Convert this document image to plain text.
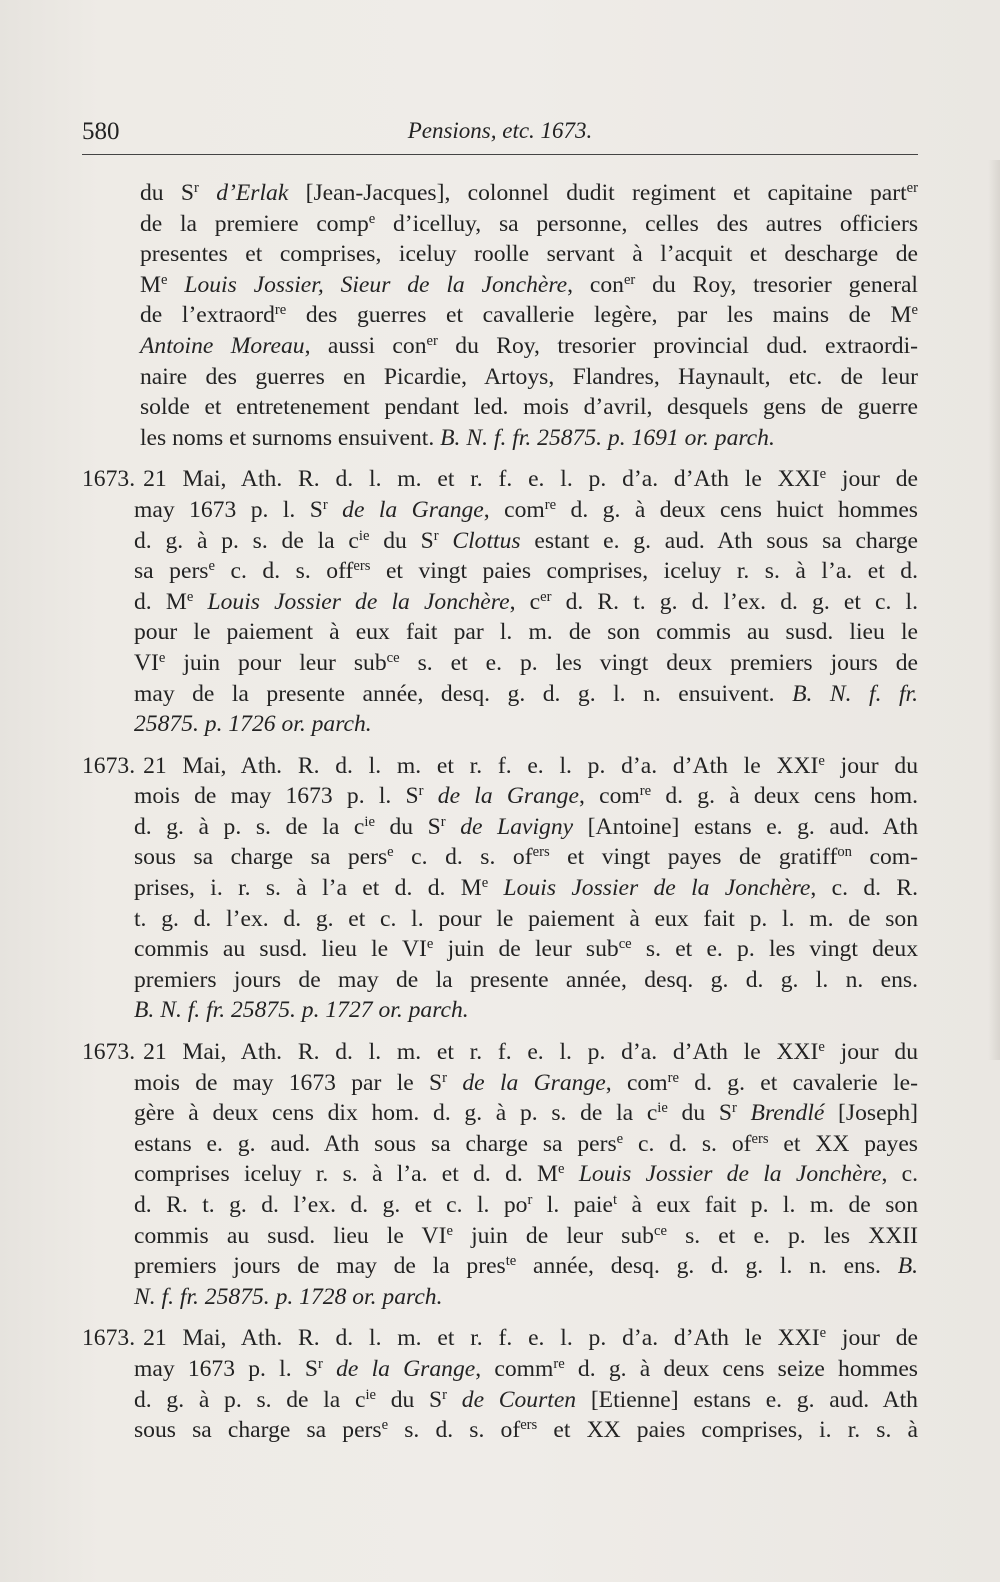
580	Pensions, etc. 1673.
du $S^r$ d’Erlak [Jean-Jacques], colonnel dudit regiment et capitaine part$^{er}$
de la premiere comp$^e$ d’icelluy, sa personne, celles des autres officiers
presentes et comprises, iceluy roolle servant à l’acquit et descharge de
Me Louis Jossier, Sieur de la Jonchère, con$^{er}$ du Roy, tresorier general
de l’extraord$^{re}$ des guerres et cavallerie legère, par les mains de Me
Antoine Moreau, aussi con$^{er}$ du Roy, tresorier provincial dud. extraordi-
naire des guerres en Picardie, Artoys, Flandres, Haynault, etc. de leur
solde et entretenement pendant led. mois d’avril, desquels gens de guerre
les noms et surnoms ensuivent. B. N. f. fr. 25875. p. 1691 or. parch.
1673. 21 Mai, Ath. R. d. l. m. et r. f. e. l. p. d’a. d’Ath le XXIe jour de
may 1673 p. l. $S^r$ de la Grange, com$^{re}$ d. g. à deux cens huict hommes
d. g. à p. s. de la $c^{ie}$ du $S^r$ Clottus estant e. g. aud. Ath sous sa charge
sa pers$^e$ c. d. s. off$^{ers}$ et vingt paies comprises, iceluy r. s. à l’a. et d.
d. Me Louis Jossier de la Jonchère, $c^{er}$ d. R. t. g. d. l’ex. d. g. et c. l.
pour le paiement à eux fait par l. m. de son commis au susd. lieu le
VIe juin pour leur sub$^{ce}$ s. et e. p. les vingt deux premiers jours de
may de la presente année, desq. g. d. g. l. n. ensuivent. B. N. f. fr.
25875. p. 1726 or. parch.
1673. 21 Mai, Ath. R. d. l. m. et r. f. e. l. p. d’a. d’Ath le XXIe jour du
mois de may 1673 p. l. $S^r$ de la Grange, com$^{re}$ d. g. à deux cens hom.
d. g. à p. s. de la $c^{ie}$ du $S^r$ de Lavigny [Antoine] estans e. g. aud. Ath
sous sa charge sa pers$^e$ c. d. s. $of^{ers}$ et vingt payes de gratiff$^{on}$ com-
prises, i. r. s. à l’a et d. d. Me Louis Jossier de la Jonchère, c. d. R.
t. g. d. l’ex. d. g. et c. l. pour le paiement à eux fait p. l. m. de son
commis au susd. lieu le VIe juin de leur sub$^{ce}$ s. et e. p. les vingt deux
premiers jours de may de la presente année, desq. g. d. g. l. n. ens.
B. N. f. fr. 25875. p. 1727 or. parch.
1673. 21 Mai, Ath. R. d. l. m. et r. f. e. l. p. d’a. d’Ath le XXIe jour du
mois de may 1673 par le $S^r$ de la Grange, com$^{re}$ d. g. et cavalerie le-
gère à deux cens dix hom. d. g. à p. s. de la $c^{ie}$ du $S^r$ Brendlé [Joseph]
estans e. g. aud. Ath sous sa charge sa pers$^e$ c. d. s. $of^{ers}$ et XX payes
comprises iceluy r. s. à l’a. et d. d. Me Louis Jossier de la Jonchère, c.
d. R. t. g. d. l’ex. d. g. et c. l. $po^r$ l. paie$^t$ à eux fait p. l. m. de son
commis au susd. lieu le VIe juin de leur sub$^{ce}$ s. et e. p. les XXII
premiers jours de may de la pres$^{te}$ année, desq. g. d. g. l. n. ens. B.
N. f. fr. 25875. p. 1728 or. parch.
1673. 21 Mai, Ath. R. d. l. m. et r. f. e. l. p. d’a. d’Ath le XXIe jour de
may 1673 p. l. $S^r$ de la Grange, comm$^{re}$ d. g. à deux cens seize hommes
d. g. à p. s. de la $c^{ie}$ du $S^r$ de Courten [Etienne] estans e. g. aud. Ath
sous sa charge sa pers$^e$ s. d. s. $of^{ers}$ et XX paies comprises, i. r. s. à
